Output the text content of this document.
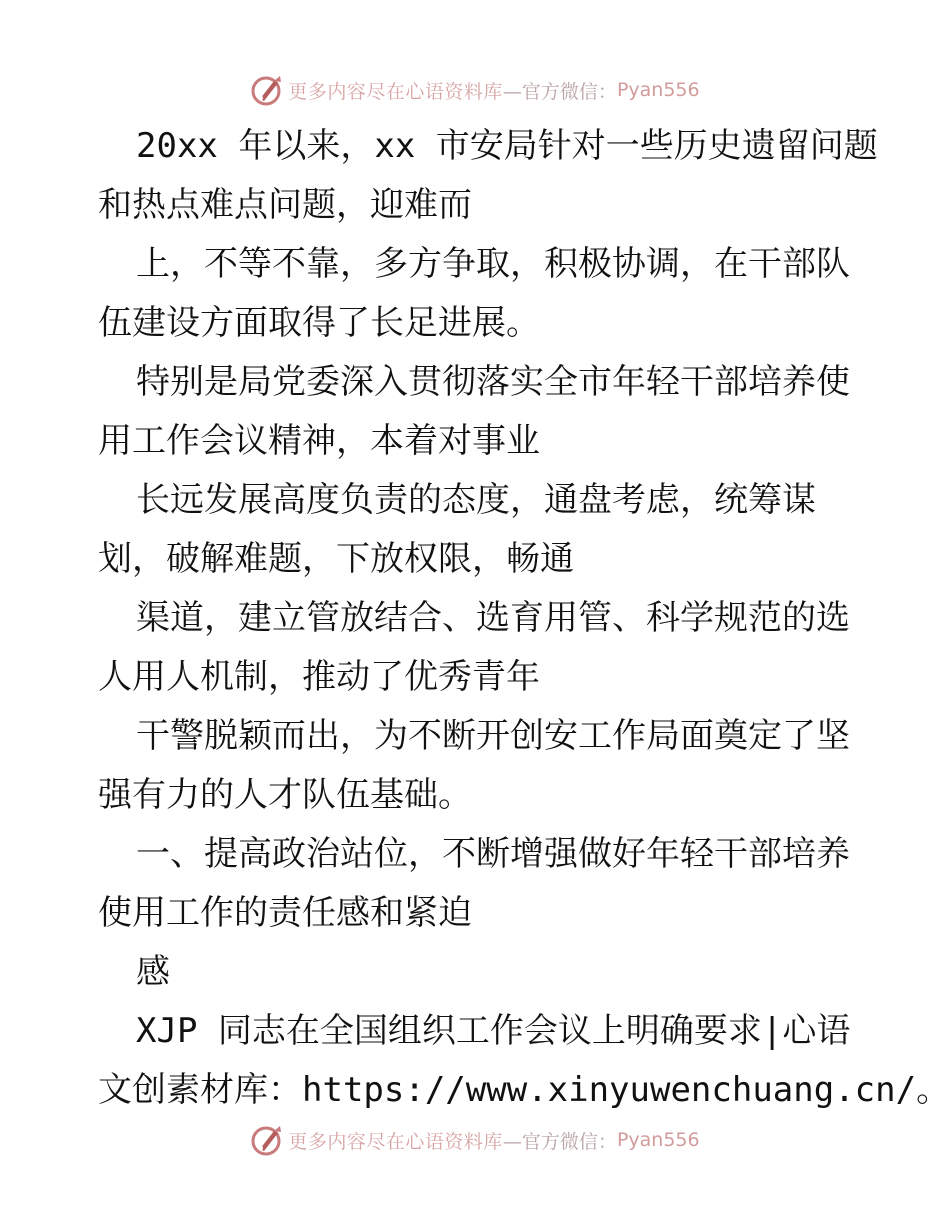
更多内容尽在心语资料库 —官方微信： Pyan556
20xx 年以来，xx 市安局针对一些历史遗留问题
和热点难点问题，迎难而
上，不等不靠，多方争取，积极协调，在干部队
伍建设方面取得了长足进展。
特别是局党委深入贯彻落实全市年轻干部培养使
用工作会议精神，本着对事业
长远发展高度负责的态度，通盘考虑，统筹谋
划，破解难题，下放权限，畅通
渠道，建立管放结合、选育用管、科学规范的选
人用人机制，推动了优秀青年
干警脱颖而出，为不断开创安工作局面奠定了坚
强有力的人才队伍基础。
一、提高政治站位，不断增强做好年轻干部培养
使用工作的责任感和紧迫
感
XJP 同志在全国组织工作会议上明确要求|心语
文创素材库：https://www.xinyuwenchuang.cn/。
更多内容尽在心语资料库 —官方微信： Pyan556
